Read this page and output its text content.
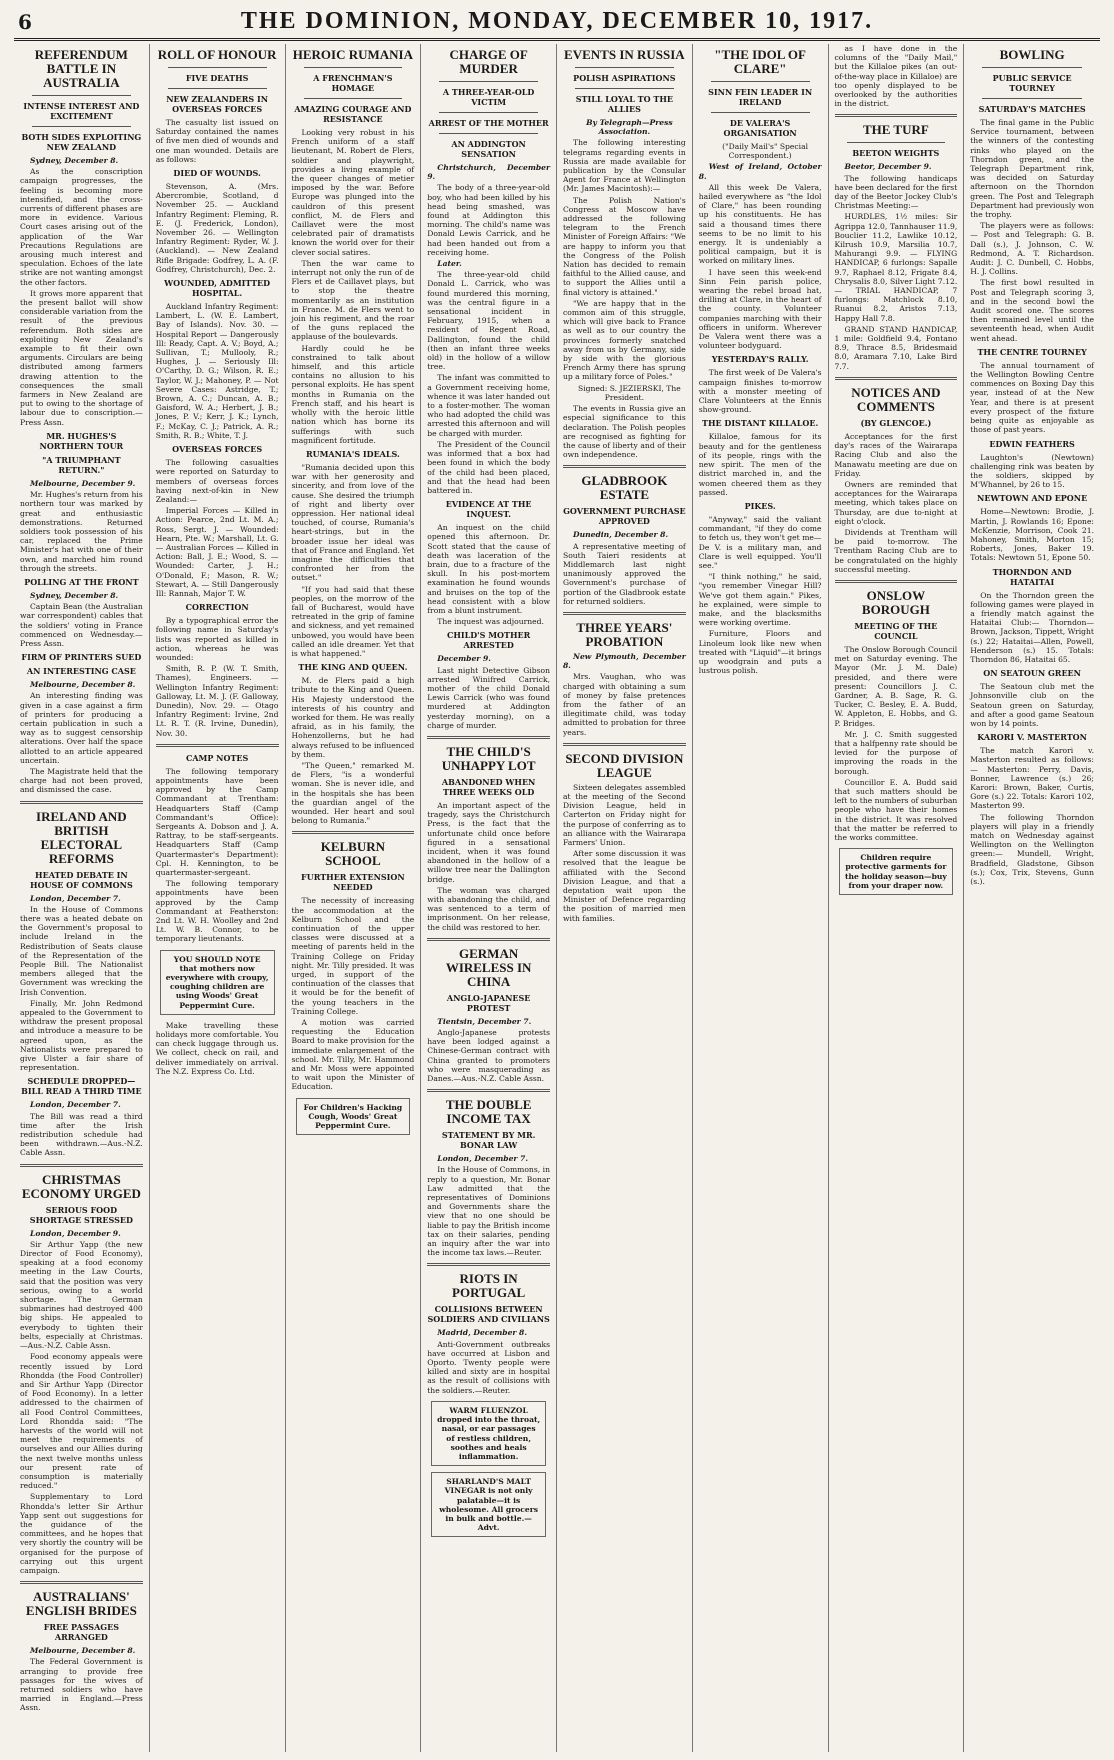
6	THE DOMINION, MONDAY, DECEMBER 10, 1917.
REFERENDUM BATTLE IN AUSTRALIA
INTENSE INTEREST AND EXCITEMENT
BOTH SIDES EXPLOITING NEW ZEALAND
Sydney, December 8.

As the conscription campaign progresses, the feeling is becoming more intensified, and the cross-currents of different phases are more in evidence. Various Court cases arising out of the application of the War Precautions Regulations are arousing much interest and speculation. Echoes of the late strike are not wanting amongst the other factors.

It grows more apparent that the present ballot will show considerable variation from the result of the previous referendum. Both sides are exploiting New Zealand's example to fit their own arguments. Circulars are being distributed among farmers drawing attention to the consequences the small farmers in New Zealand are put to owing to the shortage of labour due to conscription.—Press Assn.

MR. HUGHES'S NORTHERN TOUR
"A TRIUMPHANT RETURN."
Melbourne, December 9.

Mr. Hughes's return from his northern tour was marked by great and enthusiastic demonstrations. Returned soldiers took possession of his car, replaced the Prime Minister's hat with one of their own, and marched him round through the streets.

POLLING AT THE FRONT
Sydney, December 8.

Captain Bean (the Australian war correspondent) cables that the soldiers' voting in France commenced on Wednesday.—Press Assn.

FIRM OF PRINTERS SUED
AN INTERESTING CASE
Melbourne, December 8.

An interesting finding was given in a case against a firm of printers for producing a certain publication in such a way as to suggest censorship alterations. Over half the space allotted to an article appeared uncertain.

The Magistrate held that the charge had not been proved, and dismissed the case.

IRELAND AND BRITISH ELECTORAL REFORMS
HEATED DEBATE IN HOUSE OF COMMONS
London, December 7.

In the House of Commons there was a heated debate on the Government's proposal to include Ireland in the Redistribution of Seats clause of the Representation of the People Bill. The Nationalist members alleged that the Government was wrecking the Irish Convention.

Finally, Mr. John Redmond appealed to the Government to withdraw the present proposal and introduce a measure to be agreed upon, as the Nationalists were prepared to give Ulster a fair share of representation.

SCHEDULE DROPPED—BILL READ A THIRD TIME
London, December 7.

The Bill was read a third time after the Irish redistribution schedule had been withdrawn.—Aus.-N.Z. Cable Assn.

CHRISTMAS ECONOMY URGED
SERIOUS FOOD SHORTAGE STRESSED
London, December 9.

Sir Arthur Yapp (the new Director of Food Economy), speaking at a food economy meeting in the Law Courts, said that the position was very serious, owing to a world shortage. The German submarines had destroyed 400 big ships. He appealed to everybody to tighten their belts, especially at Christmas.—Aus.-N.Z. Cable Assn.

Food economy appeals were recently issued by Lord Rhondda (the Food Controller) and Sir Arthur Yapp (Director of Food Economy). In a letter addressed to the chairmen of all Food Control Committees, Lord Rhondda said: "The harvests of the world will not meet the requirements of ourselves and our Allies during the next twelve months unless our present rate of consumption is materially reduced."

Supplementary to Lord Rhondda's letter Sir Arthur Yapp sent out suggestions for the guidance of the committees, and he hopes that very shortly the country will be organised for the purpose of carrying out this urgent campaign.

AUSTRALIANS' ENGLISH BRIDES
FREE PASSAGES ARRANGED
Melbourne, December 8.

The Federal Government is arranging to provide free passages for the wives of returned soldiers who have married in England.—Press Assn.

ROLL OF HONOUR
FIVE DEATHS
NEW ZEALANDERS IN OVERSEAS FORCES

The casualty list issued on Saturday contained the names of five men died of wounds and one man wounded. Details are as follows:

DIED OF WOUNDS.

Stevenson, A. (Mrs. Abercrombie, Scotland, d November 25. — Auckland Infantry Regiment: Fleming, R. E. (J. Frederick, London), November 26. — Wellington Infantry Regiment: Ryder, W. J. (Auckland). — New Zealand Rifle Brigade: Godfrey, L. A. (F. Godfrey, Christchurch), Dec. 2.

WOUNDED, ADMITTED HOSPITAL.

Auckland Infantry Regiment: Lambert, L. (W. E. Lambert, Bay of Islands). Nov. 30. — Hospital Report — Dangerously Ill: Ready, Capt. A. V.; Boyd, A.; Sullivan, T.; Mullooly, R.; Hughes, J. — Seriously Ill: O'Carthy, D. G.; Wilson, R. E.; Taylor, W. J.; Mahoney, P. — Not Severe Cases: Astridge, T.; Brown, A. C.; Duncan, A. B.; Gaisford, W. A.; Herbert, J. B.; Jones, P. V.; Kerr, J. K.; Lynch, F.; McKay, C. J.; Patrick, A. R.; Smith, R. B.; White, T. J.

OVERSEAS FORCES

The following casualties were reported on Saturday to members of overseas forces having next-of-kin in New Zealand:—

Imperial Forces — Killed in Action: Pearce, 2nd Lt. M. A.; Ross, Sergt. J. — Wounded: Hearn, Pte. W.; Marshall, Lt. G. — Australian Forces — Killed in Action: Ball, J. E.; Wood, S. — Wounded: Carter, J. H.; O'Donald, F.; Mason, R. W.; Stewart, A. — Still Dangerously Ill: Rannah, Major T. W.

CORRECTION

By a typographical error the following name in Saturday's lists was reported as killed in action, whereas he was wounded:

Smith, R. P. (W. T. Smith, Thames), Engineers. — Wellington Infantry Regiment: Galloway, Lt. M. J. (F. Galloway, Dunedin), Nov. 29. — Otago Infantry Regiment: Irvine, 2nd Lt. R. T. (R. Irvine, Dunedin), Nov. 30.

CAMP NOTES

The following temporary appointments have been approved by the Camp Commandant at Trentham: Headquarters Staff (Camp Commandant's Office): Sergeants A. Dobson and J. A. Rattray, to be staff-sergeants. Headquarters Staff (Camp Quartermaster's Department): Cpl. H. Kennington, to be quartermaster-sergeant.

The following temporary appointments have been approved by the Camp Commandant at Featherston: 2nd Lt. W. H. Woolley and 2nd Lt. W. B. Connor, to be temporary lieutenants.

YOU SHOULD NOTE that mothers now everywhere with croupy, coughing children are using Woods' Great Peppermint Cure.

Make travelling these holidays more comfortable. You can check luggage through us. We collect, check on rail, and deliver immediately on arrival. The N.Z. Express Co. Ltd.

HEROIC RUMANIA
A FRENCHMAN'S HOMAGE
AMAZING COURAGE AND RESISTANCE

Looking very robust in his French uniform of a staff lieutenant, M. Robert de Flers, soldier and playwright, provides a living example of the queer changes of metier imposed by the war. Before Europe was plunged into the cauldron of this present conflict, M. de Flers and Caillavet were the most celebrated pair of dramatists known the world over for their clever social satires.

Then the war came to interrupt not only the run of de Flers et de Caillavet plays, but to stop the theatre momentarily as an institution in France. M. de Flers went to join his regiment, and the roar of the guns replaced the applause of the boulevards.

Hardly could he be constrained to talk about himself, and this article contains no allusion to his personal exploits. He has spent months in Rumania on the French staff, and his heart is wholly with the heroic little nation which has borne its sufferings with such magnificent fortitude.

RUMANIA'S IDEALS.

"Rumania decided upon this war with her generosity and sincerity, and from love of the cause. She desired the triumph of right and liberty over oppression. Her national ideal touched, of course, Rumania's heart-strings, but in the broader issue her ideal was that of France and England. Yet imagine the difficulties that confronted her from the outset."

"If you had said that these peoples, on the morrow of the fall of Bucharest, would have retreated in the grip of famine and sickness, and yet remained unbowed, you would have been called an idle dreamer. Yet that is what happened."

THE KING AND QUEEN.

M. de Flers paid a high tribute to the King and Queen. His Majesty understood the interests of his country and worked for them. He was really afraid, as in his family, the Hohenzollerns, but he had always refused to be influenced by them.

"The Queen," remarked M. de Flers, "is a wonderful woman. She is never idle, and in the hospitals she has been the guardian angel of the wounded. Her heart and soul belong to Rumania."

KELBURN SCHOOL
FURTHER EXTENSION NEEDED

The necessity of increasing the accommodation at the Kelburn School and the continuation of the upper classes were discussed at a meeting of parents held in the Training College on Friday night. Mr. Tilly presided. It was urged, in support of the continuation of the classes that it would be for the benefit of the young teachers in the Training College.

A motion was carried requesting the Education Board to make provision for the immediate enlargement of the school. Mr. Tilly, Mr. Hammond and Mr. Moss were appointed to wait upon the Minister of Education.

For Children's Hacking Cough, Woods' Great Peppermint Cure.
CHARGE OF MURDER
A THREE-YEAR-OLD VICTIM
ARREST OF THE MOTHER
AN ADDINGTON SENSATION
Christchurch, December 9.

The body of a three-year-old boy, who had been killed by his head being smashed, was found at Addington this morning. The child's name was Donald Lewis Carrick, and he had been handed out from a receiving home.

Later.

The three-year-old child Donald L. Carrick, who was found murdered this morning, was the central figure in a sensational incident in February, 1915, when a resident of Regent Road, Dallington, found the child (then an infant three weeks old) in the hollow of a willow tree.

The infant was committed to a Government receiving home, whence it was later handed out to a foster-mother. The woman who had adopted the child was arrested this afternoon and will be charged with murder.

The President of the Council was informed that a box had been found in which the body of the child had been placed, and that the head had been battered in.

EVIDENCE AT THE INQUEST.

An inquest on the child opened this afternoon. Dr. Scott stated that the cause of death was laceration of the brain, due to a fracture of the skull. In his post-mortem examination he found wounds and bruises on the top of the head consistent with a blow from a blunt instrument.

The inquest was adjourned.

CHILD'S MOTHER ARRESTED
December 9.

Last night Detective Gibson arrested Winifred Carrick, mother of the child Donald Lewis Carrick (who was found murdered at Addington yesterday morning), on a charge of murder.

THE CHILD'S UNHAPPY LOT
ABANDONED WHEN THREE WEEKS OLD

An important aspect of the tragedy, says the Christchurch Press, is the fact that the unfortunate child once before figured in a sensational incident, when it was found abandoned in the hollow of a willow tree near the Dallington bridge.

The woman was charged with abandoning the child, and was sentenced to a term of imprisonment. On her release, the child was restored to her.

GERMAN WIRELESS IN CHINA
ANGLO-JAPANESE PROTEST
Tientsin, December 7.

Anglo-Japanese protests have been lodged against a Chinese-German contract with China granted to promoters who were masquerading as Danes.—Aus.-N.Z. Cable Assn.

THE DOUBLE INCOME TAX
STATEMENT BY MR. BONAR LAW
London, December 7.

In the House of Commons, in reply to a question, Mr. Bonar Law admitted that the representatives of Dominions and Governments share the view that no one should be liable to pay the British income tax on their salaries, pending an inquiry after the war into the income tax laws.—Reuter.

RIOTS IN PORTUGAL
COLLISIONS BETWEEN SOLDIERS AND CIVILIANS
Madrid, December 8.

Anti-Government outbreaks have occurred at Lisbon and Oporto. Twenty people were killed and sixty are in hospital as the result of collisions with the soldiers.—Reuter.

WARM FLUENZOL dropped into the throat, nasal, or ear passages of restless children, soothes and heals inflammation.
SHARLAND'S MALT VINEGAR is not only palatable—it is wholesome. All grocers in bulk and bottle.—Advt.
EVENTS IN RUSSIA
POLISH ASPIRATIONS
STILL LOYAL TO THE ALLIES
By Telegraph—Press Association.

The following interesting telegrams regarding events in Russia are made available for publication by the Consular Agent for France at Wellington (Mr. James Macintosh):—

The Polish Nation's Congress at Moscow have addressed the following telegram to the French Minister of Foreign Affairs: "We are happy to inform you that the Congress of the Polish Nation has decided to remain faithful to the Allied cause, and to support the Allies until a final victory is attained."

"We are happy that in the common aim of this struggle, which will give back to France as well as to our country the provinces formerly snatched away from us by Germany, side by side with the glorious French Army there has sprung up a military force of Poles."

Signed: S. JEZIERSKI, The President.

The events in Russia give an especial significance to this declaration. The Polish peoples are recognised as fighting for the cause of liberty and of their own independence.

GLADBROOK ESTATE
GOVERNMENT PURCHASE APPROVED
Dunedin, December 8.

A representative meeting of South Taieri residents at Middlemarch last night unanimously approved the Government's purchase of portion of the Gladbrook estate for returned soldiers.

THREE YEARS' PROBATION
New Plymouth, December 8.

Mrs. Vaughan, who was charged with obtaining a sum of money by false pretences from the father of an illegitimate child, was today admitted to probation for three years.

SECOND DIVISION LEAGUE

Sixteen delegates assembled at the meeting of the Second Division League, held in Carterton on Friday night for the purpose of conferring as to an alliance with the Wairarapa Farmers' Union.

After some discussion it was resolved that the league be affiliated with the Second Division League, and that a deputation wait upon the Minister of Defence regarding the position of married men with families.

"THE IDOL OF CLARE"
SINN FEIN LEADER IN IRELAND
DE VALERA'S ORGANISATION

("Daily Mail's" Special Correspondent.)

West of Ireland, October 8.

All this week De Valera, hailed everywhere as "the Idol of Clare," has been rounding up his constituents. He has said a thousand times there seems to be no limit to his energy. It is undeniably a political campaign, but it is worked on military lines.

I have seen this week-end Sinn Fein parish police, wearing the rebel broad hat, drilling at Clare, in the heart of the county. Volunteer companies marching with their officers in uniform. Wherever De Valera went there was a volunteer bodyguard.

YESTERDAY'S RALLY.

The first week of De Valera's campaign finishes to-morrow with a monster meeting of Clare Volunteers at the Ennis show-ground.

THE DISTANT KILLALOE.

Killaloe, famous for its beauty and for the gentleness of its people, rings with the new spirit. The men of the district marched in, and the women cheered them as they passed.

PIKES.

"Anyway," said the valiant commandant, "if they do come to fetch us, they won't get me—De V. is a military man, and Clare is well equipped. You'll see."

"I think nothing," he said, "you remember Vinegar Hill? We've got them again." Pikes, he explained, were simple to make, and the blacksmiths were working overtime.

Furniture, Floors and Linoleum look like new when treated with "Liquid"—it brings up woodgrain and puts a lustrous polish.

as I have done in the columns of the "Daily Mail," but the Killaloe pikes (an out-of-the-way place in Killaloe) are too openly displayed to be overlooked by the authorities in the district.

THE TURF
BEETON WEIGHTS
Beetor, December 9.

The following handicaps have been declared for the first day of the Beetor Jockey Club's Christmas Meeting:—

HURDLES, 1½ miles: Sir Agrippa 12.0, Tannhauser 11.9, Bouclier 11.2, Lawlike 10.12, Kilrush 10.9, Marsilia 10.7, Mahurangi 9.9. — FLYING HANDICAP, 6 furlongs: Sapalle 9.7, Raphael 8.12, Frigate 8.4, Chrysalis 8.0, Silver Light 7.12. — TRIAL HANDICAP, 7 furlongs: Matchlock 8.10, Ruanui 8.2, Aristos 7.13, Happy Hall 7.8.

GRAND STAND HANDICAP, 1 mile: Goldfield 9.4, Fontano 8.9, Thrace 8.5, Bridesmaid 8.0, Aramara 7.10, Lake Bird 7.7.

NOTICES AND COMMENTS
(BY GLENCOE.)

Acceptances for the first day's races of the Wairarapa Racing Club and also the Manawatu meeting are due on Friday.

Owners are reminded that acceptances for the Wairarapa meeting, which takes place on Thursday, are due to-night at eight o'clock.

Dividends at Trentham will be paid to-morrow. The Trentham Racing Club are to be congratulated on the highly successful meeting.

ONSLOW BOROUGH
MEETING OF THE COUNCIL

The Onslow Borough Council met on Saturday evening. The Mayor (Mr. J. M. Dale) presided, and there were present: Councillors J. C. Gardner, A. B. Sage, R. G. Tucker, C. Besley, E. A. Budd, W. Appleton, E. Hobbs, and G. P. Bridges.

Mr. J. C. Smith suggested that a halfpenny rate should be levied for the purpose of improving the roads in the borough.

Councillor E. A. Budd said that such matters should be left to the numbers of suburban people who have their homes in the district. It was resolved that the matter be referred to the works committee.

Children require protective garments for the holiday season—buy from your draper now.
BOWLING
PUBLIC SERVICE TOURNEY
SATURDAY'S MATCHES

The final game in the Public Service tournament, between the winners of the contesting rinks who played on the Thorndon green, and the Telegraph Department rink, was decided on Saturday afternoon on the Thorndon green. The Post and Telegraph Department had previously won the trophy.

The players were as follows:— Post and Telegraph: G. B. Dall (s.), J. Johnson, C. W. Redmond, A. T. Richardson. Audit: J. C. Dunbell, C. Hobbs, H. J. Collins.

The first bowl resulted in Post and Telegraph scoring 3, and in the second bowl the Audit scored one. The scores then remained level until the seventeenth head, when Audit went ahead.

THE CENTRE TOURNEY

The annual tournament of the Wellington Bowling Centre commences on Boxing Day this year, instead of at the New Year, and there is at present every prospect of the fixture being quite as enjoyable as those of past years.

EDWIN FEATHERS

Laughton's (Newtown) challenging rink was beaten by the soldiers, skipped by M'Whannel, by 26 to 15.

NEWTOWN AND EPONE

Home—Newtown: Brodie, J. Martin, J. Rowlands 16; Epone: McKenzie, Morrison, Cook 21. Mahoney, Smith, Morton 15; Roberts, Jones, Baker 19. Totals: Newtown 51, Epone 50.

THORNDON AND HATAITAI

On the Thorndon green the following games were played in a friendly match against the Hataitai Club:— Thorndon—Brown, Jackson, Tippett, Wright (s.) 22; Hataitai—Allen, Powell, Henderson (s.) 15. Totals: Thorndon 86, Hataitai 65.

ON SEATOUN GREEN

The Seatoun club met the Johnsonville club on the Seatoun green on Saturday, and after a good game Seatoun won by 14 points.

KARORI V. MASTERTON

The match Karori v. Masterton resulted as follows:— Masterton: Perry, Davis, Bonner, Lawrence (s.) 26; Karori: Brown, Baker, Curtis, Gore (s.) 22. Totals: Karori 102, Masterton 99.

The following Thorndon players will play in a friendly match on Wednesday against Wellington on the Wellington green:— Mundell, Wright, Bradfield, Gladstone, Gibson (s.); Cox, Trix, Stevens, Gunn (s.).
